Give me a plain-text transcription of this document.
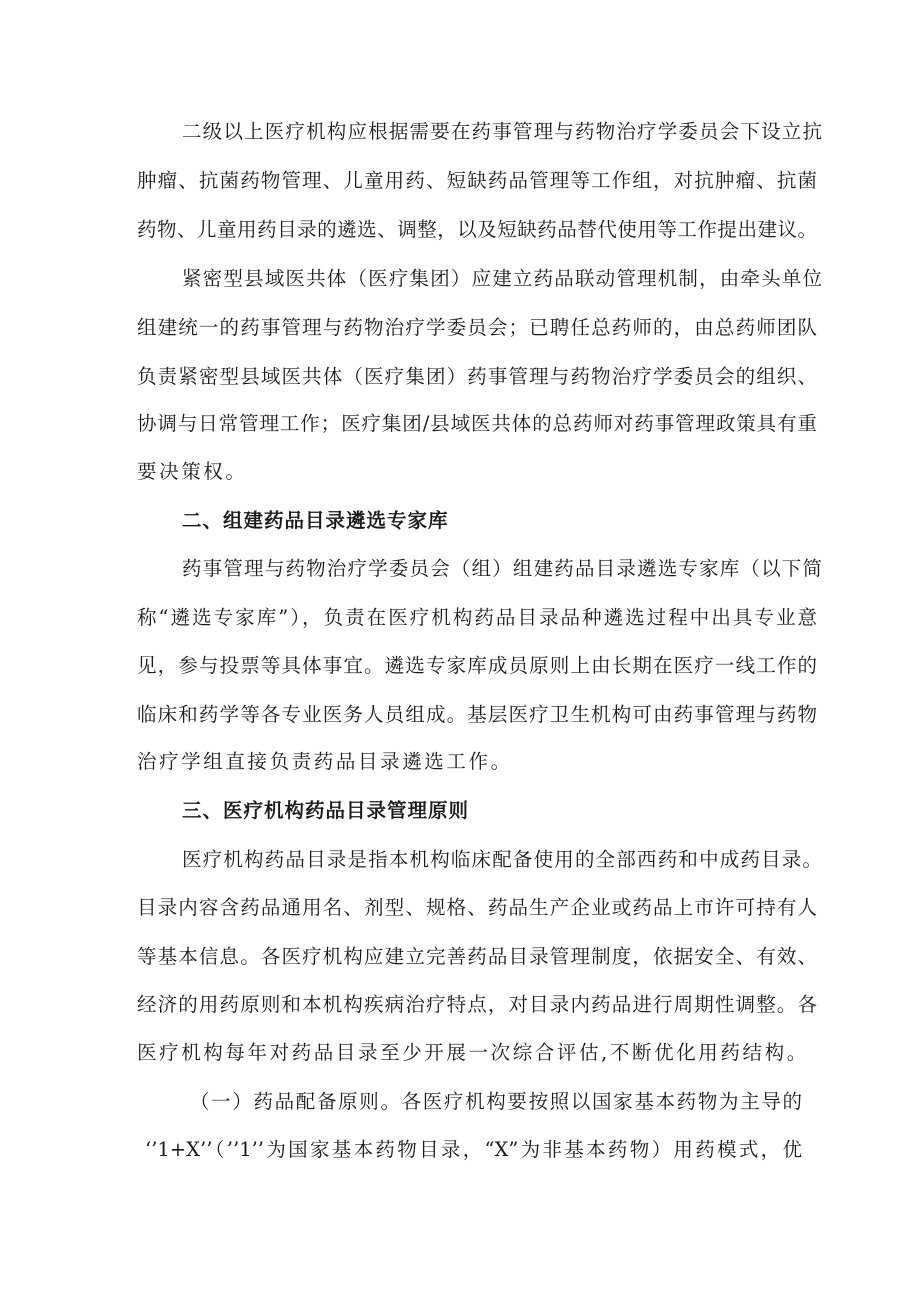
二级以上医疗机构应根据需要在药事管理与药物治疗学委员会下设立抗
肿瘤、抗菌药物管理、儿童用药、短缺药品管理等工作组，对抗肿瘤、抗菌
药物、儿童用药目录的遴选、调整，以及短缺药品替代使用等工作提出建议。
紧密型县域医共体（医疗集团）应建立药品联动管理机制，由牵头单位
组建统一的药事管理与药物治疗学委员会；已聘任总药师的，由总药师团队
负责紧密型县域医共体（医疗集团）药事管理与药物治疗学委员会的组织、
协调与日常管理工作；医疗集团/县域医共体的总药师对药事管理政策具有重
要决策权。
二、组建药品目录遴选专家库
药事管理与药物治疗学委员会（组）组建药品目录遴选专家库（以下简
称“遴选专家库”），负责在医疗机构药品目录品种遴选过程中出具专业意
见，参与投票等具体事宜。遴选专家库成员原则上由长期在医疗一线工作的
临床和药学等各专业医务人员组成。基层医疗卫生机构可由药事管理与药物
治疗学组直接负责药品目录遴选工作。
三、医疗机构药品目录管理原则
医疗机构药品目录是指本机构临床配备使用的全部西药和中成药目录。
目录内容含药品通用名、剂型、规格、药品生产企业或药品上市许可持有人
等基本信息。各医疗机构应建立完善药品目录管理制度，依据安全、有效、
经济的用药原则和本机构疾病治疗特点，对目录内药品进行周期性调整。各
医疗机构每年对药品目录至少开展一次综合评估,不断优化用药结构。
（一）药品配备原则。各医疗机构要按照以国家基本药物为主导的
‘’1+X’’（’’1’’为国家基本药物目录，“X”为非基本药物）用药模式，优
